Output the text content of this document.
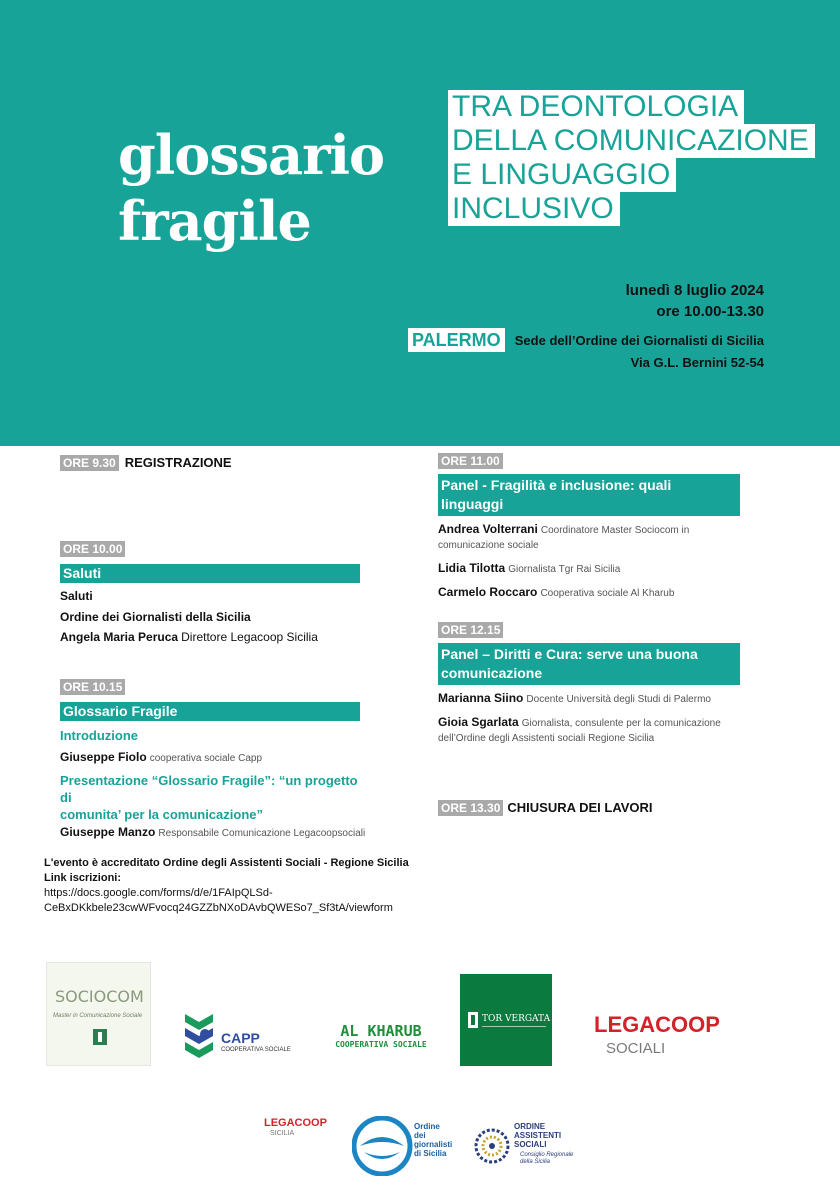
glossario
fragile
TRA DEONTOLOGIA
DELLA COMUNICAZIONE
E LINGUAGGIO
INCLUSIVO
lunedì 8 luglio 2024
ore 10.00-13.30
PALERMO	Sede dell’Ordine dei Giornalisti di Sicilia
Via G.L. Bernini 52-54
ORE 9.30 REGISTRAZIONE
ORE 10.00
Saluti
Saluti
Ordine dei Giornalisti della Sicilia
Angela Maria Peruca Direttore Legacoop Sicilia
ORE 10.15
Glossario Fragile
Introduzione
Giuseppe Fiolo cooperativa sociale Capp
Presentazione “Glossario Fragile”: “un progetto di
comunita’ per la comunicazione”
Giuseppe Manzo Responsabile Comunicazione Legacoopsociali
ORE 11.00
Panel - Fragilità e inclusione: quali
linguaggi
Andrea Volterrani Coordinatore Master Sociocom in
comunicazione sociale
Lidia Tilotta Giornalista Tgr Rai Sicilia
Carmelo Roccaro Cooperativa sociale Al Kharub
ORE 12.15
Panel – Diritti e Cura: serve una buona
comunicazione
Marianna Siino Docente Università degli Studi di Palermo
Gioia Sgarlata Giornalista, consulente per la comunicazione
dell’Ordine degli Assistenti sociali Regione Sicilia
ORE 13.30 CHIUSURA DEI LAVORI
L'evento è accreditato Ordine degli Assistenti Sociali - Regione Sicilia
Link iscrizioni:
https://docs.google.com/forms/d/e/1FAIpQLSd-
CeBxDKkbele23cwWFvocq24GZZbNXoDAvbQWESo7_Sf3tA/viewform
SOCIOCOM
Master in Comunicazione Sociale
CAPP
COOPERATIVA SOCIALE
AL KHARUB
COOPERATIVA SOCIALE
TOR VERGATA LEGACOOP
SOCIALI
LEGACOOP
SICILIA
Ordine
dei
giornalisti
di Sicilia
ORDINE
ASSISTENTI
SOCIALI
Consiglio Regionale
della Sicilia
